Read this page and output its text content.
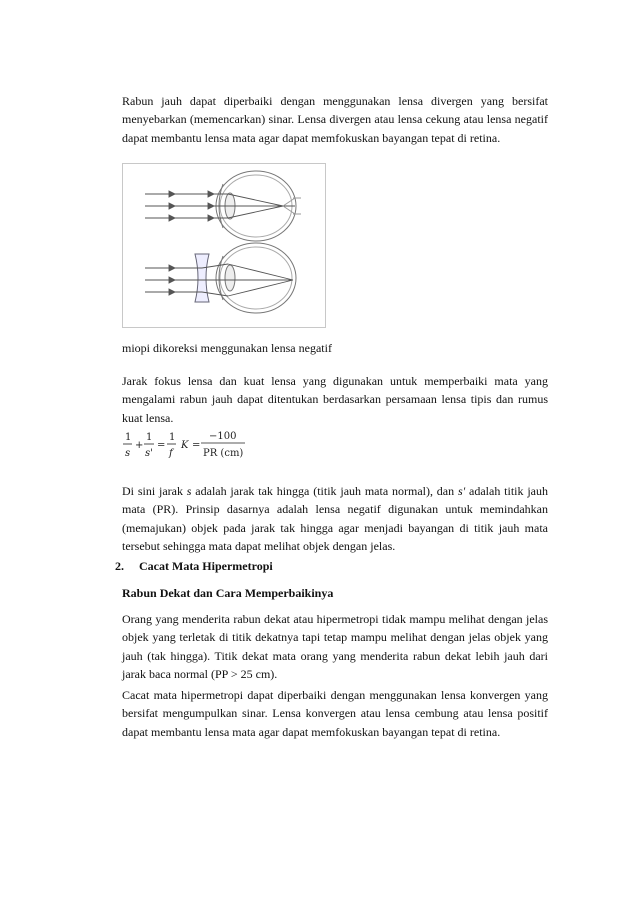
Rabun jauh dapat diperbaiki dengan menggunakan lensa divergen yang bersifat menyebarkan (memencarkan) sinar. Lensa divergen atau lensa cekung atau lensa negatif dapat membantu lensa mata agar dapat memfokuskan bayangan tepat di retina.

miopi dikoreksi menggunakan lensa negatif

Jarak fokus lensa dan kuat lensa yang digunakan untuk memperbaiki mata yang mengalami rabun jauh dapat ditentukan berdasarkan persamaan lensa tipis dan rumus kuat lensa.

1
s
+
1
s'
=
1
f
K =
−100
PR (cm)

Di sini jarak s adalah jarak tak hingga (titik jauh mata normal), dan s' adalah titik jauh mata (PR). Prinsip dasarnya adalah lensa negatif digunakan untuk memindahkan (memajukan) objek pada jarak tak hingga agar menjadi bayangan di titik jauh mata tersebut sehingga mata dapat melihat objek dengan jelas.

2. Cacat Mata Hipermetropi

Rabun Dekat dan Cara Memperbaikinya

Orang yang menderita rabun dekat atau hipermetropi tidak mampu melihat dengan jelas objek yang terletak di titik dekatnya tapi tetap mampu melihat dengan jelas objek yang jauh (tak hingga). Titik dekat mata orang yang menderita rabun dekat lebih jauh dari jarak baca normal (PP > 25 cm).

Cacat mata hipermetropi dapat diperbaiki dengan menggunakan lensa konvergen yang bersifat mengumpulkan sinar. Lensa konvergen atau lensa cembung atau lensa positif dapat membantu lensa mata agar dapat memfokuskan bayangan tepat di retina.
